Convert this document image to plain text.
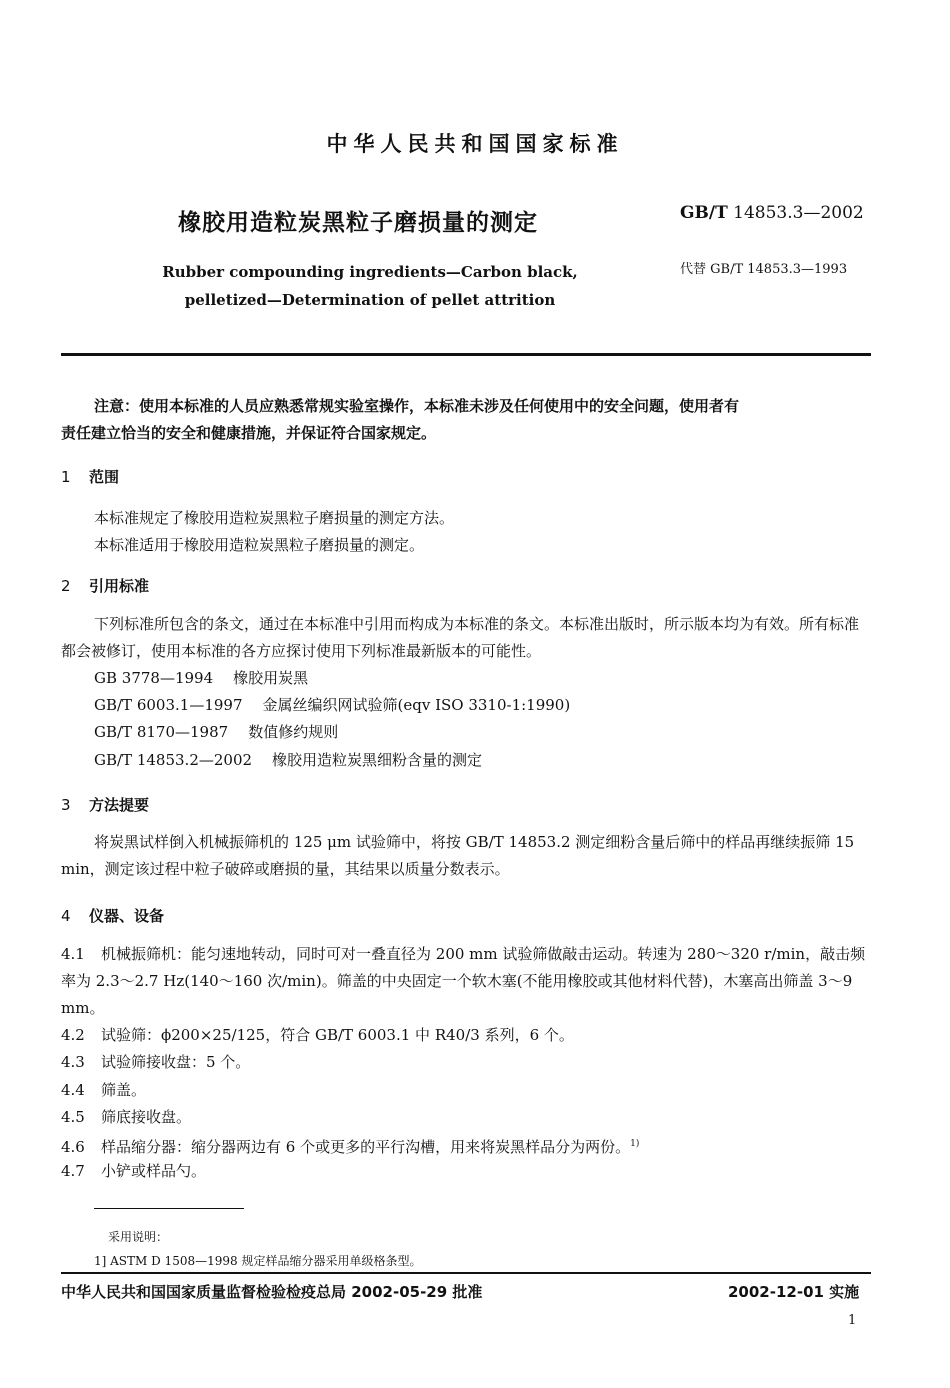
中华人民共和国国家标准
橡胶用造粒炭黑粒子磨损量的测定	GB/T 14853.3—2002
Rubber compounding ingredients—Carbon black,
pelletized—Determination of pellet attrition
代替 GB/T 14853.3—1993
注意：使用本标准的人员应熟悉常规实验室操作，本标准未涉及任何使用中的安全问题，使用者有
责任建立恰当的安全和健康措施，并保证符合国家规定。
1 范围
本标准规定了橡胶用造粒炭黑粒子磨损量的测定方法。
本标准适用于橡胶用造粒炭黑粒子磨损量的测定。
2 引用标准
下列标准所包含的条文，通过在本标准中引用而构成为本标准的条文。本标准出版时，所示版本均为有效。所有标准都会被修订，使用本标准的各方应探讨使用下列标准最新版本的可能性。
GB 3778—1994 橡胶用炭黑
GB/T 6003.1—1997 金属丝编织网试验筛(eqv ISO 3310-1:1990)
GB/T 8170—1987 数值修约规则
GB/T 14853.2—2002 橡胶用造粒炭黑细粉含量的测定
3 方法提要
将炭黑试样倒入机械振筛机的 125 μm 试验筛中，将按 GB/T 14853.2 测定细粉含量后筛中的样品再继续振筛 15 min，测定该过程中粒子破碎或磨损的量，其结果以质量分数表示。
4 仪器、设备
4.1 机械振筛机：能匀速地转动，同时可对一叠直径为 200 mm 试验筛做敲击运动。转速为 280～320 r/min，敲击频率为 2.3～2.7 Hz(140～160 次/min)。筛盖的中央固定一个软木塞(不能用橡胶或其他材料代替)，木塞高出筛盖 3～9 mm。
4.2 试验筛：ϕ200×25/125，符合 GB/T 6003.1 中 R40/3 系列，6 个。
4.3 试验筛接收盘：5 个。
4.4 筛盖。
4.5 筛底接收盘。
4.6 样品缩分器：缩分器两边有 6 个或更多的平行沟槽，用来将炭黑样品分为两份。$^{1)}$
4.7 小铲或样品勺。
采用说明：
1] ASTM D 1508—1998 规定样品缩分器采用单级格条型。
中华人民共和国国家质量监督检验检疫总局 2002-05-29 批准	2002-12-01 实施
1
